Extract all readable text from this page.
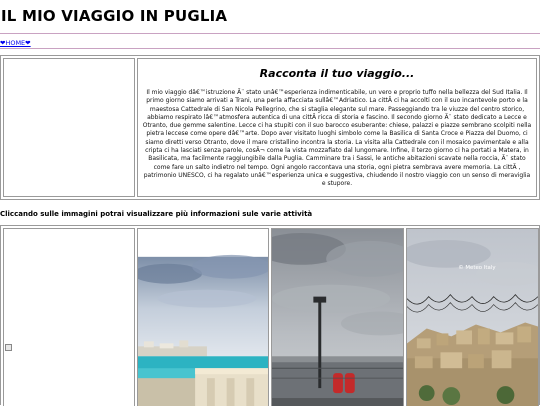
IL MIO VIAGGIO IN PUGLIA
❤HOME❤
Racconta il tuo viaggio...

Il mio viaggio dâ€™istruzione Ã¨ stato unâ€™esperienza indimenticabile, un vero e proprio tuffo nella bellezza del Sud Italia. Il primo giorno siamo arrivati a Trani, una perla affacciata sullâ€™Adriatico. La cittÃ ci ha accolti con il suo incantevole porto e la maestosa Cattedrale di San Nicola Pellegrino, che si staglia elegante sul mare. Passeggiando tra le viuzze del centro storico, abbiamo respirato lâ€™atmosfera autentica di una cittÃ ricca di storia e fascino. Il secondo giorno Ã¨ stato dedicato a Lecce e Otranto, due gemme salentine. Lecce ci ha stupiti con il suo barocco esuberante: chiese, palazzi e piazze sembrano scolpiti nella pietra leccese come opere dâ€™arte. Dopo aver visitato luoghi simbolo come la Basilica di Santa Croce e Piazza del Duomo, ci siamo diretti verso Otranto, dove il mare cristallino incontra la storia. La visita alla Cattedrale con il mosaico pavimentale e alla cripta ci ha lasciati senza parole, cosÃ¬ come la vista mozzafiato dal lungomare. Infine, il terzo giorno ci ha portati a Matera, in Basilicata, ma facilmente raggiungibile dalla Puglia. Camminare tra i Sassi, le antiche abitazioni scavate nella roccia, Ã¨ stato come fare un salto indietro nel tempo. Ogni angolo raccontava una storia, ogni pietra sembrava avere memoria. La cittÃ , patrimonio UNESCO, ci ha regalato unâ€™esperienza unica e suggestiva, chiudendo il nostro viaggio con un senso di meraviglia e stupore.

Cliccando sulle immagini potrai visualizzare più informazioni sule varie attività
© Meteo Italy
